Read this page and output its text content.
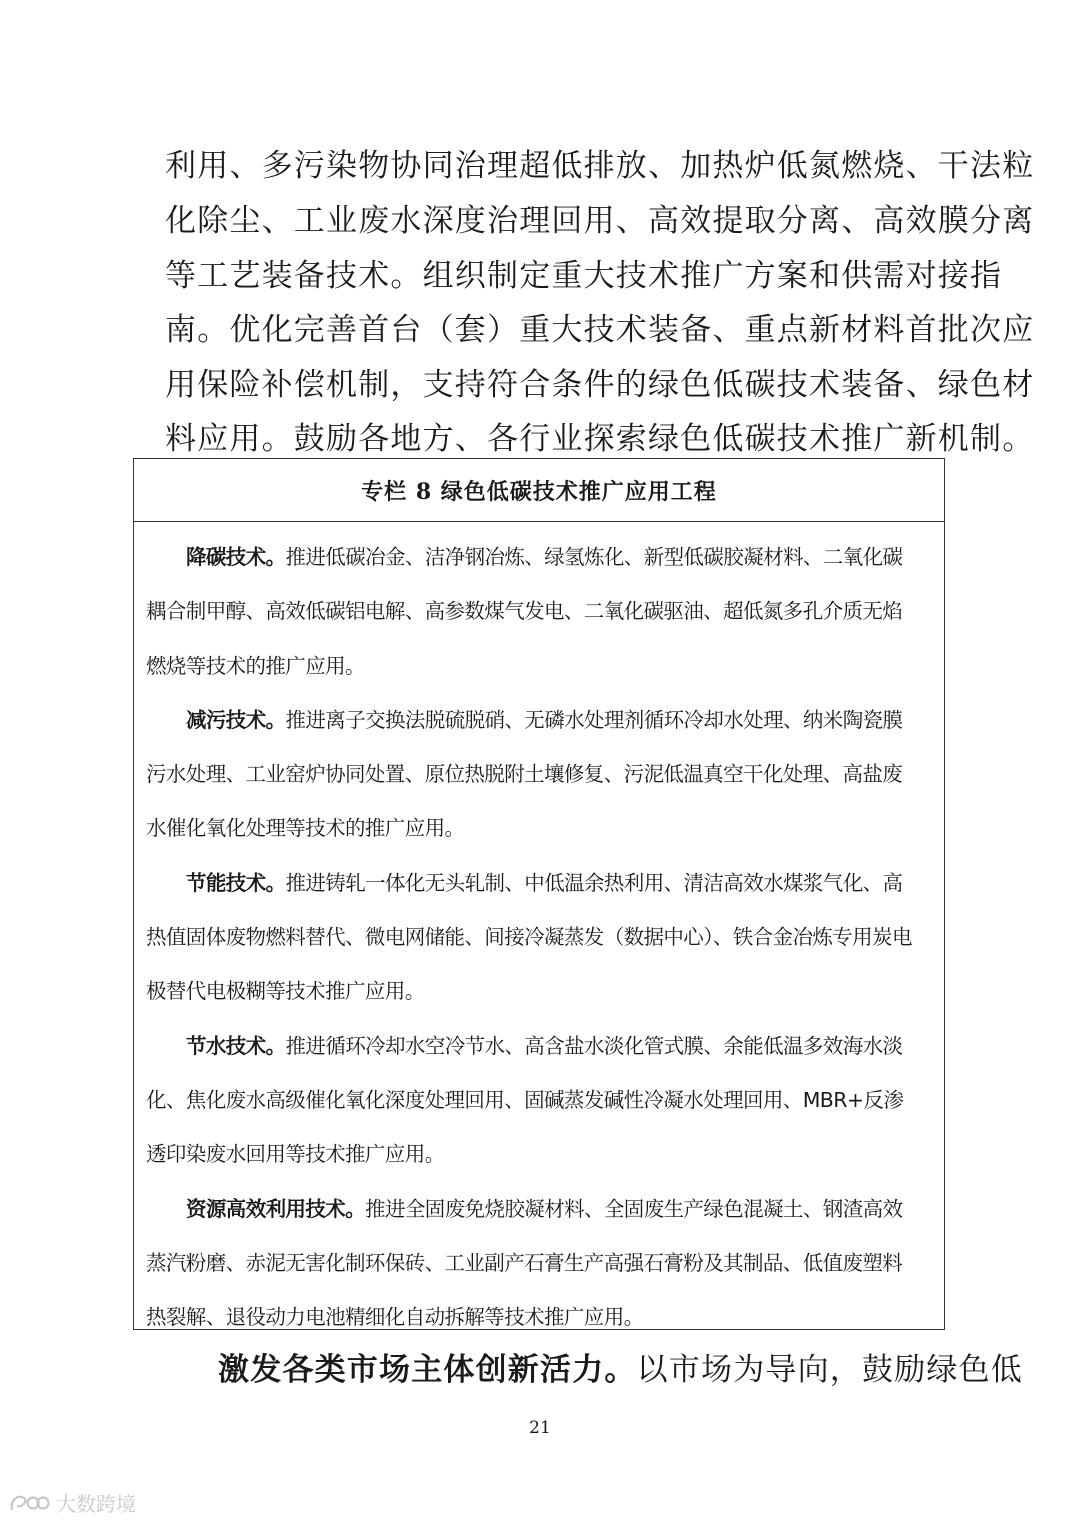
利用、多污染物协同治理超低排放、加热炉低氮燃烧、干法粒
化除尘、工业废水深度治理回用、高效提取分离、高效膜分离
等工艺装备技术。组织制定重大技术推广方案和供需对接指
南。优化完善首台（套）重大技术装备、重点新材料首批次应
用保险补偿机制，支持符合条件的绿色低碳技术装备、绿色材
料应用。鼓励各地方、各行业探索绿色低碳技术推广新机制。
专栏 8 绿色低碳技术推广应用工程
降碳技术。推进低碳冶金、洁净钢冶炼、绿氢炼化、新型低碳胶凝材料、二氧化碳
耦合制甲醇、高效低碳铝电解、高参数煤气发电、二氧化碳驱油、超低氮多孔介质无焰
燃烧等技术的推广应用。
减污技术。推进离子交换法脱硫脱硝、无磷水处理剂循环冷却水处理、纳米陶瓷膜
污水处理、工业窑炉协同处置、原位热脱附土壤修复、污泥低温真空干化处理、高盐废
水催化氧化处理等技术的推广应用。
节能技术。推进铸轧一体化无头轧制、中低温余热利用、清洁高效水煤浆气化、高
热值固体废物燃料替代、微电网储能、间接冷凝蒸发（数据中心）、铁合金冶炼专用炭电
极替代电极糊等技术推广应用。
节水技术。推进循环冷却水空冷节水、高含盐水淡化管式膜、余能低温多效海水淡
化、焦化废水高级催化氧化深度处理回用、固碱蒸发碱性冷凝水处理回用、MBR+反渗
透印染废水回用等技术推广应用。
资源高效利用技术。推进全固废免烧胶凝材料、全固废生产绿色混凝土、钢渣高效
蒸汽粉磨、赤泥无害化制环保砖、工业副产石膏生产高强石膏粉及其制品、低值废塑料
热裂解、退役动力电池精细化自动拆解等技术推广应用。
激发各类市场主体创新活力。以市场为导向，鼓励绿色低
21
大数跨境
